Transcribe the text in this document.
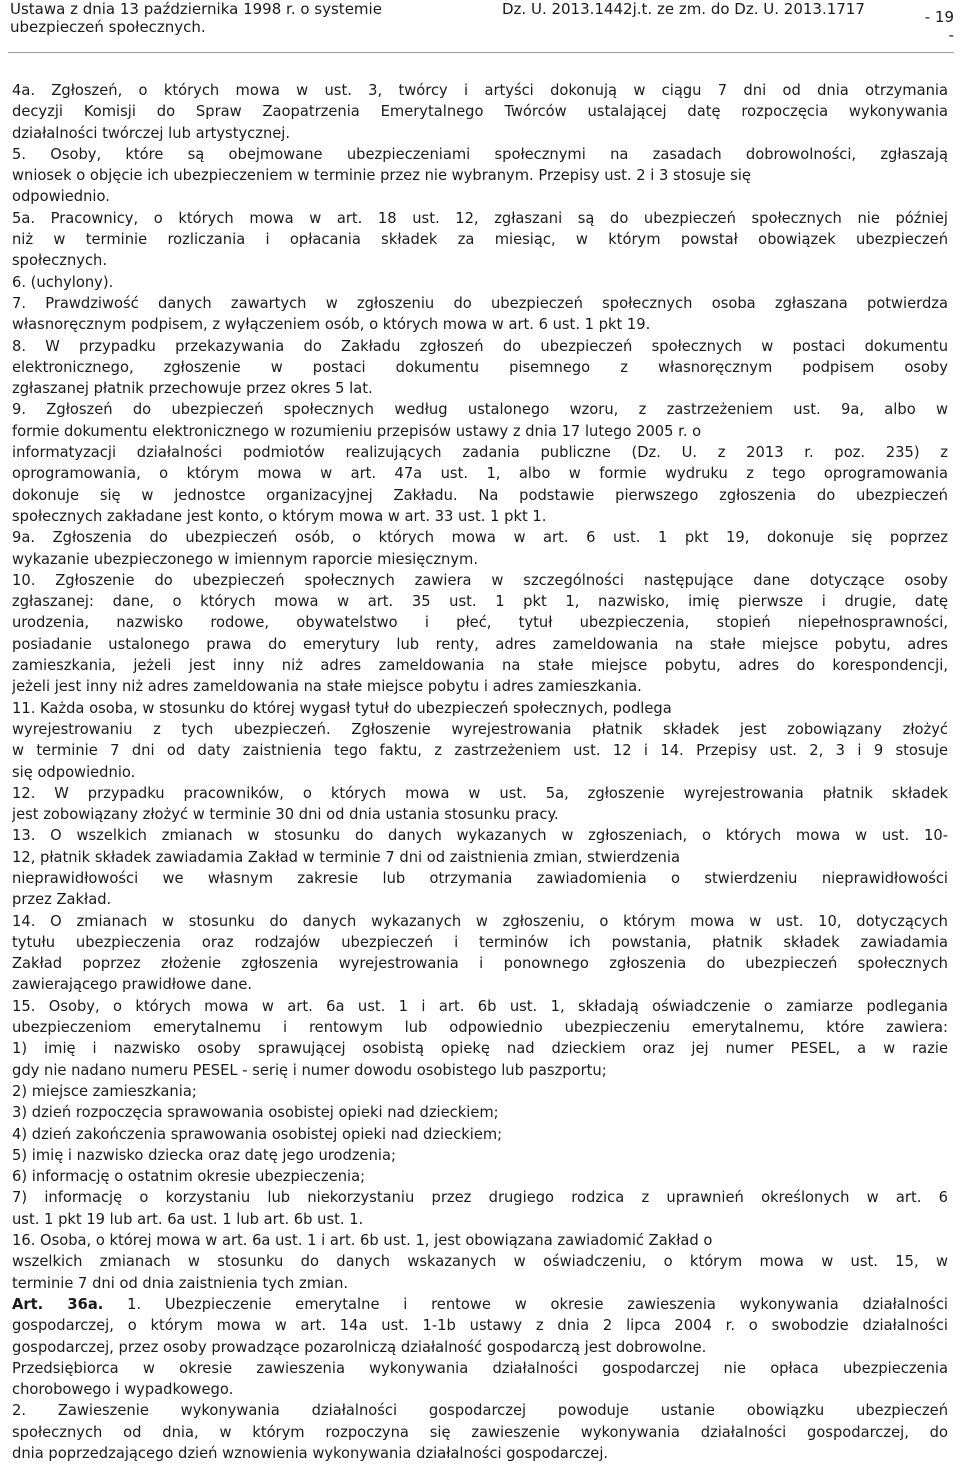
Ustawa z dnia 13 października 1998 r. o systemie
ubezpieczeń społecznych.
Dz. U. 2013.1442j.t. ze zm. do Dz. U. 2013.1717	- 19
-
4a. Zgłoszeń, o których mowa w ust. 3, twórcy i artyści dokonują w ciągu 7 dni od dnia otrzymania
decyzji Komisji do Spraw Zaopatrzenia Emerytalnego Twórców ustalającej datę rozpoczęcia wykonywania
działalności twórczej lub artystycznej.
5. Osoby, które są obejmowane ubezpieczeniami społecznymi na zasadach dobrowolności, zgłaszają
wniosek o objęcie ich ubezpieczeniem w terminie przez nie wybranym. Przepisy ust. 2 i 3 stosuje się
odpowiednio.
5a. Pracownicy, o których mowa w art. 18 ust. 12, zgłaszani są do ubezpieczeń społecznych nie później
niż w terminie rozliczania i opłacania składek za miesiąc, w którym powstał obowiązek ubezpieczeń
społecznych.
6. (uchylony).
7. Prawdziwość danych zawartych w zgłoszeniu do ubezpieczeń społecznych osoba zgłaszana potwierdza
własnoręcznym podpisem, z wyłączeniem osób, o których mowa w art. 6 ust. 1 pkt 19.
8. W przypadku przekazywania do Zakładu zgłoszeń do ubezpieczeń społecznych w postaci dokumentu
elektronicznego, zgłoszenie w postaci dokumentu pisemnego z własnoręcznym podpisem osoby
zgłaszanej płatnik przechowuje przez okres 5 lat.
9. Zgłoszeń do ubezpieczeń społecznych według ustalonego wzoru, z zastrzeżeniem ust. 9a, albo w
formie dokumentu elektronicznego w rozumieniu przepisów ustawy z dnia 17 lutego 2005 r. o
informatyzacji działalności podmiotów realizujących zadania publiczne (Dz. U. z 2013 r. poz. 235) z
oprogramowania, o którym mowa w art. 47a ust. 1, albo w formie wydruku z tego oprogramowania
dokonuje się w jednostce organizacyjnej Zakładu. Na podstawie pierwszego zgłoszenia do ubezpieczeń
społecznych zakładane jest konto, o którym mowa w art. 33 ust. 1 pkt 1.
9a. Zgłoszenia do ubezpieczeń osób, o których mowa w art. 6 ust. 1 pkt 19, dokonuje się poprzez
wykazanie ubezpieczonego w imiennym raporcie miesięcznym.
10. Zgłoszenie do ubezpieczeń społecznych zawiera w szczególności następujące dane dotyczące osoby
zgłaszanej: dane, o których mowa w art. 35 ust. 1 pkt 1, nazwisko, imię pierwsze i drugie, datę
urodzenia, nazwisko rodowe, obywatelstwo i płeć, tytuł ubezpieczenia, stopień niepełnosprawności,
posiadanie ustalonego prawa do emerytury lub renty, adres zameldowania na stałe miejsce pobytu, adres
zamieszkania, jeżeli jest inny niż adres zameldowania na stałe miejsce pobytu, adres do korespondencji,
jeżeli jest inny niż adres zameldowania na stałe miejsce pobytu i adres zamieszkania.
11. Każda osoba, w stosunku do której wygasł tytuł do ubezpieczeń społecznych, podlega
wyrejestrowaniu z tych ubezpieczeń. Zgłoszenie wyrejestrowania płatnik składek jest zobowiązany złożyć
w terminie 7 dni od daty zaistnienia tego faktu, z zastrzeżeniem ust. 12 i 14. Przepisy ust. 2, 3 i 9 stosuje
się odpowiednio.
12. W przypadku pracowników, o których mowa w ust. 5a, zgłoszenie wyrejestrowania płatnik składek
jest zobowiązany złożyć w terminie 30 dni od dnia ustania stosunku pracy.
13. O wszelkich zmianach w stosunku do danych wykazanych w zgłoszeniach, o których mowa w ust. 10-
12, płatnik składek zawiadamia Zakład w terminie 7 dni od zaistnienia zmian, stwierdzenia
nieprawidłowości we własnym zakresie lub otrzymania zawiadomienia o stwierdzeniu nieprawidłowości
przez Zakład.
14. O zmianach w stosunku do danych wykazanych w zgłoszeniu, o którym mowa w ust. 10, dotyczących
tytułu ubezpieczenia oraz rodzajów ubezpieczeń i terminów ich powstania, płatnik składek zawiadamia
Zakład poprzez złożenie zgłoszenia wyrejestrowania i ponownego zgłoszenia do ubezpieczeń społecznych
zawierającego prawidłowe dane.
15. Osoby, o których mowa w art. 6a ust. 1 i art. 6b ust. 1, składają oświadczenie o zamiarze podlegania
ubezpieczeniom emerytalnemu i rentowym lub odpowiednio ubezpieczeniu emerytalnemu, które zawiera:
1) imię i nazwisko osoby sprawującej osobistą opiekę nad dzieckiem oraz jej numer PESEL, a w razie
gdy nie nadano numeru PESEL - serię i numer dowodu osobistego lub paszportu;
2) miejsce zamieszkania;
3) dzień rozpoczęcia sprawowania osobistej opieki nad dzieckiem;
4) dzień zakończenia sprawowania osobistej opieki nad dzieckiem;
5) imię i nazwisko dziecka oraz datę jego urodzenia;
6) informację o ostatnim okresie ubezpieczenia;
7) informację o korzystaniu lub niekorzystaniu przez drugiego rodzica z uprawnień określonych w art. 6
ust. 1 pkt 19 lub art. 6a ust. 1 lub art. 6b ust. 1.
16. Osoba, o której mowa w art. 6a ust. 1 i art. 6b ust. 1, jest obowiązana zawiadomić Zakład o
wszelkich zmianach w stosunku do danych wskazanych w oświadczeniu, o którym mowa w ust. 15, w
terminie 7 dni od dnia zaistnienia tych zmian.
Art. 36a. 1. Ubezpieczenie emerytalne i rentowe w okresie zawieszenia wykonywania działalności
gospodarczej, o którym mowa w art. 14a ust. 1-1b ustawy z dnia 2 lipca 2004 r. o swobodzie działalności
gospodarczej, przez osoby prowadzące pozarolniczą działalność gospodarczą jest dobrowolne.
Przedsiębiorca w okresie zawieszenia wykonywania działalności gospodarczej nie opłaca ubezpieczenia
chorobowego i wypadkowego.
2. Zawieszenie wykonywania działalności gospodarczej powoduje ustanie obowiązku ubezpieczeń
społecznych od dnia, w którym rozpoczyna się zawieszenie wykonywania działalności gospodarczej, do
dnia poprzedzającego dzień wznowienia wykonywania działalności gospodarczej.
